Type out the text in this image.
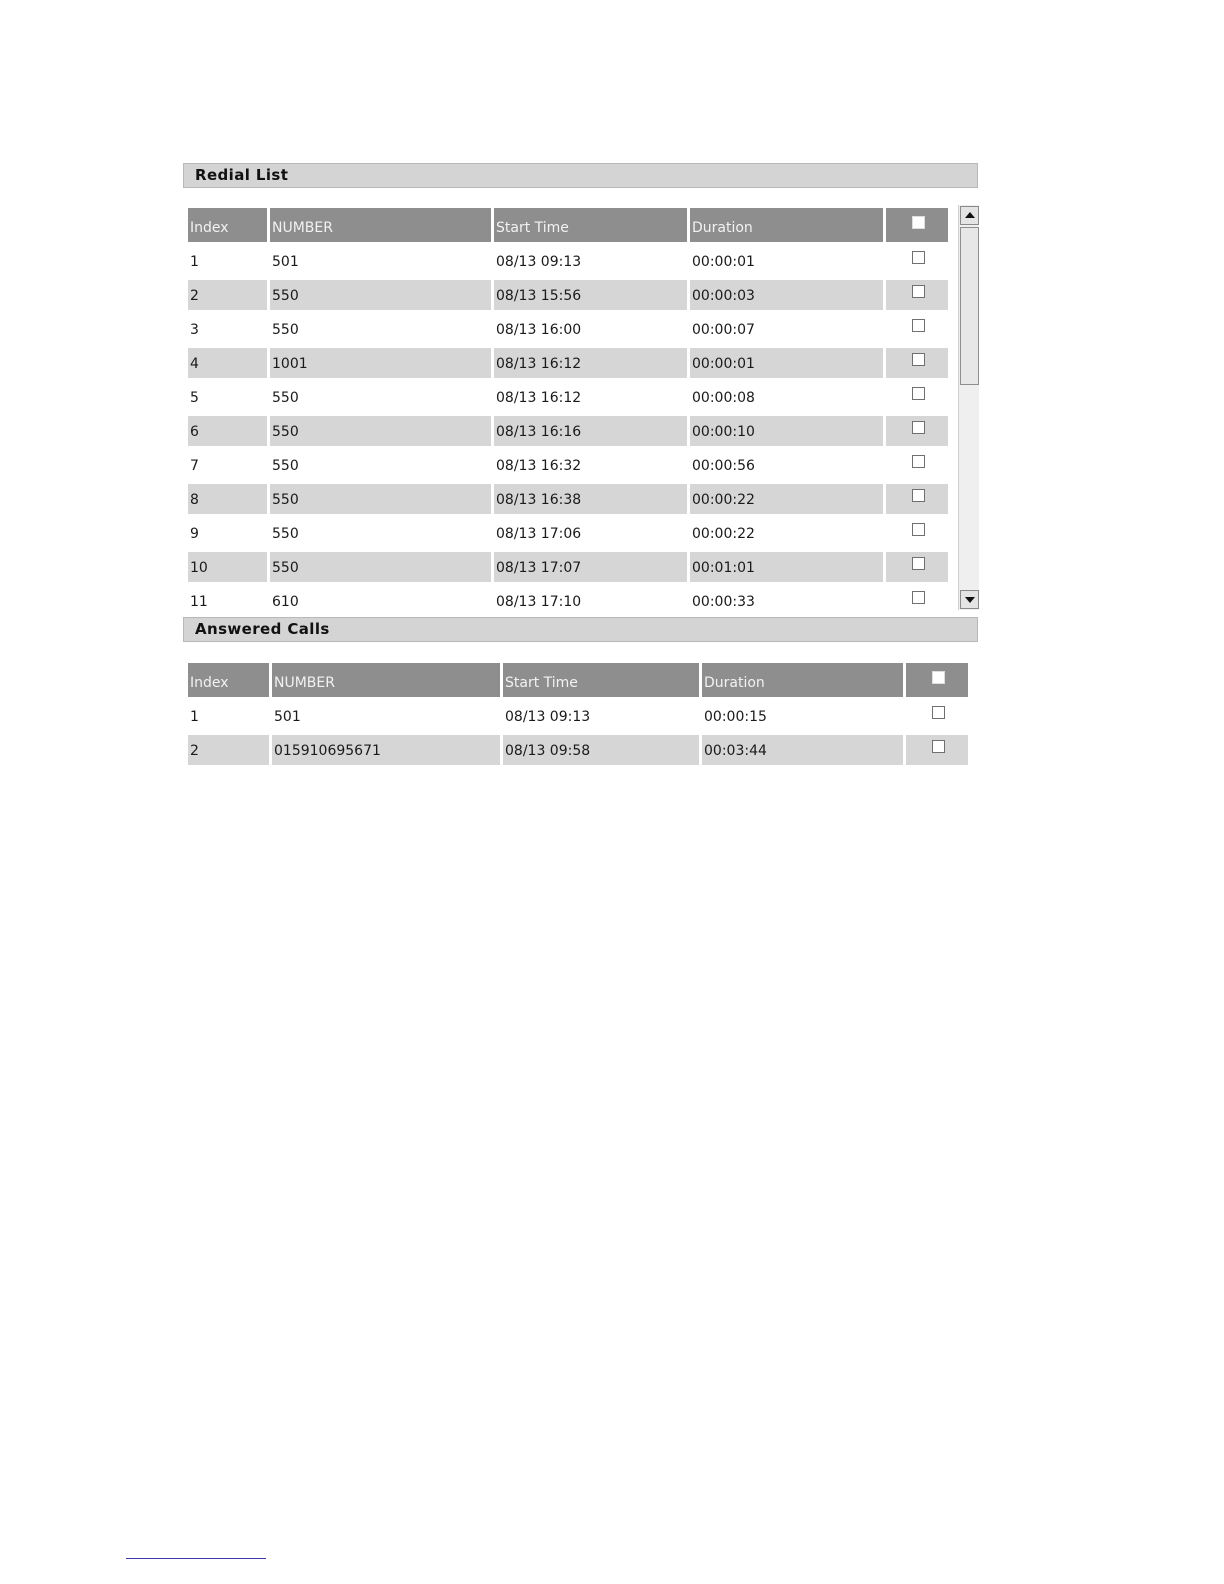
Redial List
Index	NUMBER	Start Time	Duration	
1	501	08/13 09:13	00:00:01	
2	550	08/13 15:56	00:00:03	
3	550	08/13 16:00	00:00:07	
4	1001	08/13 16:12	00:00:01	
5	550	08/13 16:12	00:00:08	
6	550	08/13 16:16	00:00:10	
7	550	08/13 16:32	00:00:56	
8	550	08/13 16:38	00:00:22	
9	550	08/13 17:06	00:00:22	
10	550	08/13 17:07	00:01:01	
11	610	08/13 17:10	00:00:33	
Answered Calls
Index	NUMBER	Start Time	Duration	
1	501	08/13 09:13	00:00:15	
2	015910695671	08/13 09:58	00:03:44	
